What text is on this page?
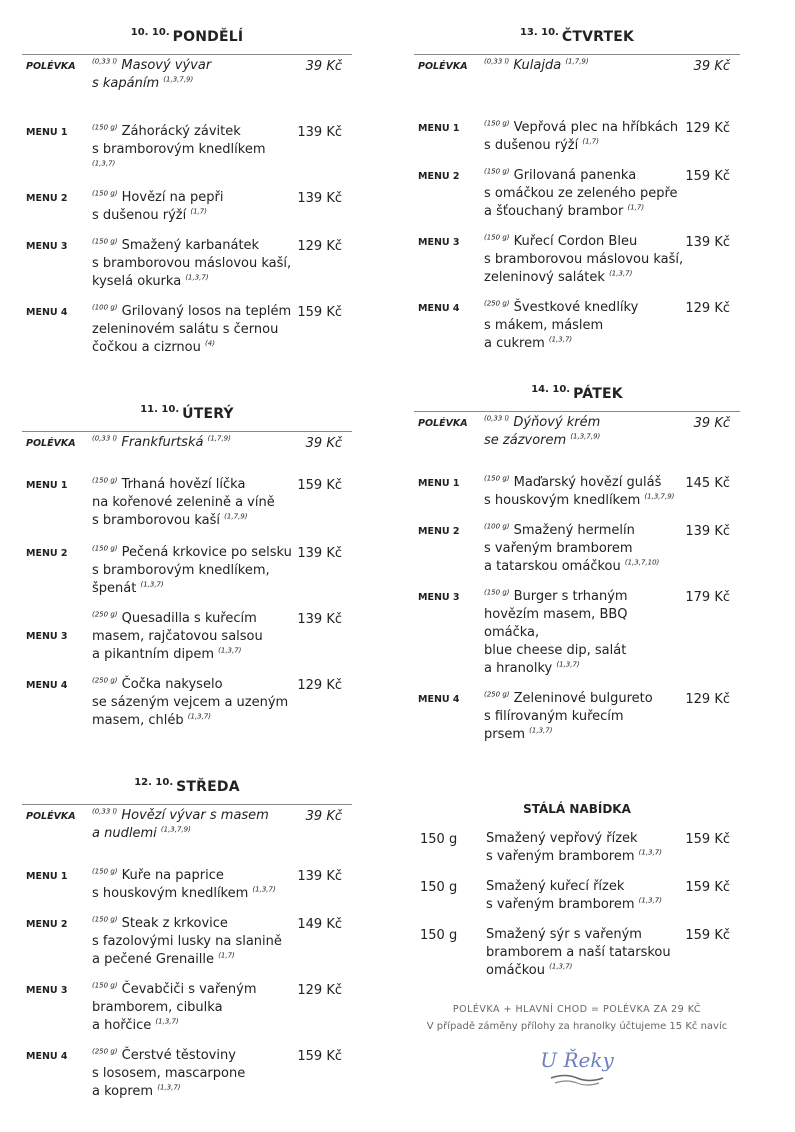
$^{10. 10.}$ PONDĚLÍ
POLÉVKA $^{(0,33 l)}$ Masový vývar
s kapáním $^{(1,3,7,9)}$
39 Kč
MENU 1	$^{(150 g)}$ Záhorácký závitek
s bramborovým knedlíkem $^{(1,3,7)}$
139 Kč
MENU 2	$^{(150 g)}$ Hovězí na pepři
s dušenou rýží $^{(1,7)}$
139 Kč
MENU 3	$^{(150 g)}$ Smažený karbanátek
s bramborovou máslovou kaší,
kyselá okurka $^{(1,3,7)}$
129 Kč
MENU 4	$^{(100 g)}$ Grilovaný losos na teplém
zeleninovém salátu s černou
čočkou a cizrnou $^{(4)}$
159 Kč
$^{11. 10.}$ ÚTERÝ
POLÉVKA $^{(0,33 l)}$ Frankfurtská $^{(1,7,9)}$	39 Kč
MENU 1	$^{(150 g)}$ Trhaná hovězí líčka
na kořenové zelenině a víně
s bramborovou kaší $^{(1,7,9)}$
159 Kč
MENU 2	$^{(150 g)}$ Pečená krkovice po selsku
s bramborovým knedlíkem,
špenát $^{(1,3,7)}$
139 Kč
MENU 3
$^{(250 g)}$ Quesadilla s kuřecím
masem, rajčatovou salsou
a pikantním dipem $^{(1,3,7)}$
139 Kč
MENU 4	$^{(250 g)}$ Čočka nakyselo
se sázeným vejcem a uzeným
masem, chléb $^{(1,3,7)}$
129 Kč
$^{12. 10.}$ STŘEDA
POLÉVKA $^{(0,33 l)}$ Hovězí vývar s masem
a nudlemi $^{(1,3,7,9)}$
39 Kč
MENU 1	$^{(150 g)}$ Kuře na paprice
s houskovým knedlíkem $^{(1,3,7)}$
139 Kč
MENU 2	$^{(150 g)}$ Steak z krkovice
s fazolovými lusky na slanině
a pečené Grenaille $^{(1,7)}$
149 Kč
MENU 3	$^{(150 g)}$ Čevabčiči s vařeným
bramborem, cibulka
a hořčice $^{(1,3,7)}$
129 Kč
MENU 4	$^{(250 g)}$ Čerstvé těstoviny
s lososem, mascarpone
a koprem $^{(1,3,7)}$
159 Kč
$^{13. 10.}$ ČTVRTEK
POLÉVKA $^{(0,33 l)}$ Kulajda $^{(1,7,9)}$	39 Kč
MENU 1	$^{(150 g)}$ Vepřová plec na hříbkách
s dušenou rýží $^{(1,7)}$
129 Kč
MENU 2	$^{(150 g)}$ Grilovaná panenka
s omáčkou ze zeleného pepře
a šťouchaný brambor $^{(1,7)}$
159 Kč
MENU 3	$^{(150 g)}$ Kuřecí Cordon Bleu
s bramborovou máslovou kaší,
zeleninový salátek $^{(1,3,7)}$
139 Kč
MENU 4	$^{(250 g)}$ Švestkové knedlíky
s mákem, máslem
a cukrem $^{(1,3,7)}$
129 Kč
$^{14. 10.}$ PÁTEK
POLÉVKA $^{(0,33 l)}$ Dýňový krém
se zázvorem $^{(1,3,7,9)}$
39 Kč
MENU 1	$^{(150 g)}$ Maďarský hovězí guláš
s houskovým knedlíkem $^{(1,3,7,9)}$
145 Kč
MENU 2	$^{(100 g)}$ Smažený hermelín
s vařeným bramborem
a tatarskou omáčkou $^{(1,3,7,10)}$
139 Kč
MENU 3	$^{(150 g)}$ Burger s trhaným
hovězím masem, BBQ omáčka,
blue cheese dip, salát
a hranolky $^{(1,3,7)}$
179 Kč
MENU 4	$^{(250 g)}$ Zeleninové bulgureto
s filírovaným kuřecím
prsem $^{(1,3,7)}$
129 Kč
STÁLÁ NABÍDKA
150 g Smažený vepřový řízek
s vařeným bramborem $^{(1,3,7)}$
159 Kč
150 g Smažený kuřecí řízek
s vařeným bramborem $^{(1,3,7)}$
159 Kč
150 g Smažený sýr s vařeným
bramborem a naší tatarskou
omáčkou $^{(1,3,7)}$
159 Kč
POLÉVKA + HLAVNÍ CHOD = POLÉVKA ZA 29 KČ
V případě záměny přílohy za hranolky účtujeme 15 Kč navíc
U Řeky
